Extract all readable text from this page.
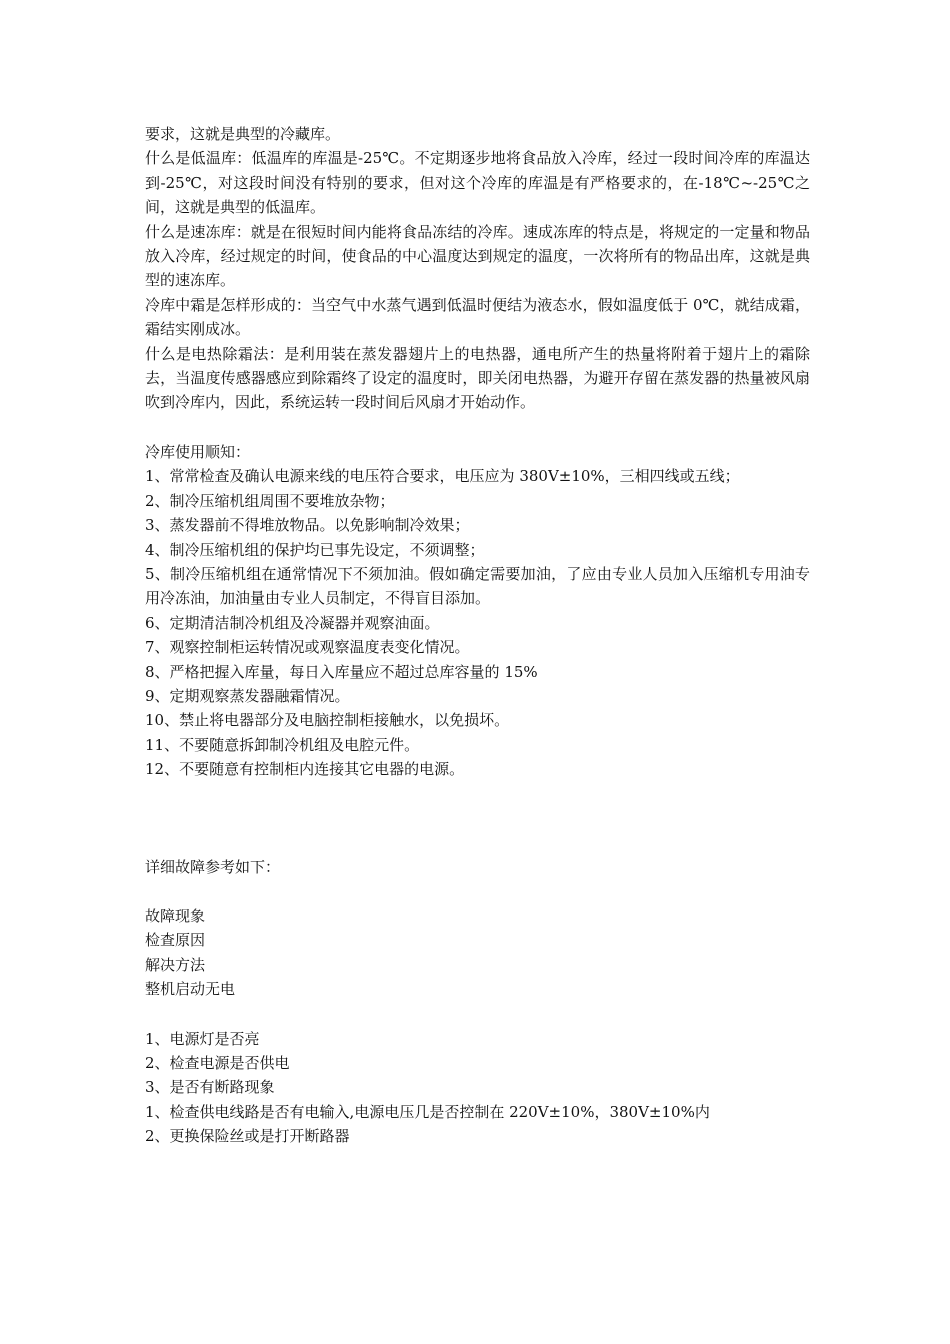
要求，这就是典型的冷藏库。

什么是低温库：低温库的库温是-25℃。不定期逐步地将食品放入冷库，经过一段时间冷库的库温达到-25℃，对这段时间没有特别的要求，但对这个冷库的库温是有严格要求的，在-18℃~-25℃之间，这就是典型的低温库。

什么是速冻库：就是在很短时间内能将食品冻结的冷库。速成冻库的特点是，将规定的一定量和物品放入冷库，经过规定的时间，使食品的中心温度达到规定的温度，一次将所有的物品出库，这就是典型的速冻库。

冷库中霜是怎样形成的：当空气中水蒸气遇到低温时便结为液态水，假如温度低于 0℃，就结成霜，霜结实刚成冰。

什么是电热除霜法：是利用装在蒸发器翅片上的电热器，通电所产生的热量将附着于翅片上的霜除去，当温度传感器感应到除霜终了设定的温度时，即关闭电热器，为避开存留在蒸发器的热量被风扇吹到冷库内，因此，系统运转一段时间后风扇才开始动作。

冷库使用顺知：

1、常常检查及确认电源来线的电压符合要求，电压应为 380V±10%，三相四线或五线；

2、制冷压缩机组周围不要堆放杂物；

3、蒸发器前不得堆放物品。以免影响制冷效果；

4、制冷压缩机组的保护均已事先设定，不须调整；

5、制冷压缩机组在通常情况下不须加油。假如确定需要加油，了应由专业人员加入压缩机专用油专用冷冻油，加油量由专业人员制定，不得盲目添加。

6、定期清洁制冷机组及冷凝器并观察油面。

7、观察控制柜运转情况或观察温度表变化情况。

8、严格把握入库量，每日入库量应不超过总库容量的 15%

9、定期观察蒸发器融霜情况。

10、禁止将电器部分及电脑控制柜接触水，以免损坏。

11、不要随意拆卸制冷机组及电腔元件。

12、不要随意有控制柜内连接其它电器的电源。

详细故障参考如下：

故障现象

检查原因

解决方法

整机启动无电

1、电源灯是否亮

2、检查电源是否供电

3、是否有断路现象

1、检查供电线路是否有电输入,电源电压几是否控制在 220V±10%，380V±10%内

2、更换保险丝或是打开断路器
